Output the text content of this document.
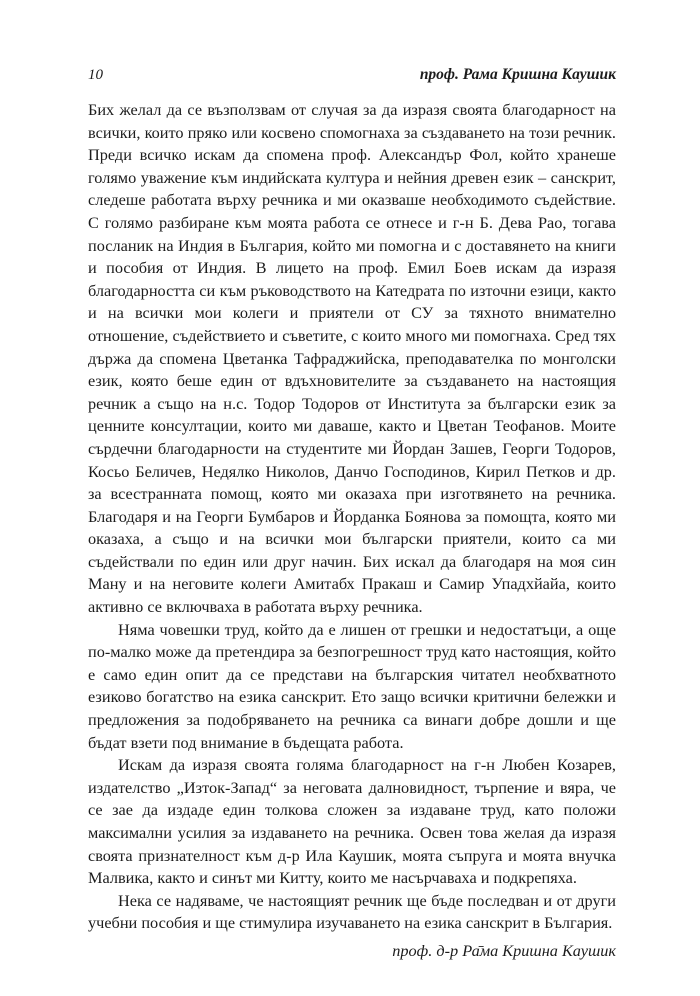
10	проф. Рама Кришна Каушик

Бих желал да се възползвам от случая за да изразя своята благодарност на всички, които пряко или косвено спомогнаха за създаването на този речник. Преди всичко искам да спомена проф. Александър Фол, който хранеше голямо уважение към индийската култура и нейния древен език – санскрит, следеше работата върху речника и ми оказваше необходимото съдействие. С голямо разбиране към моята работа се отнесе и г-н Б. Дева Рао, тогава посланик на Индия в България, който ми помогна и с доставянето на книги и пособия от Индия. В лицето на проф. Емил Боев искам да изразя благодарността си към ръководството на Катедрата по източни езици, както и на всички мои колеги и приятели от СУ за тяхното внимателно отношение, съдействието и съветите, с които много ми помогнаха. Сред тях държа да спомена Цветанка Тафраджийска, преподавателка по монголски език, която беше един от вдъхновителите за създаването на настоящия речник а също на н.с. Тодор Тодоров от Института за български език за ценните консултации, които ми даваше, както и Цветан Теофанов. Моите сърдечни благодарности на студентите ми Йордан Зашев, Георги Тодоров, Косьо Беличев, Недялко Николов, Данчо Господинов, Кирил Петков и др. за всестранната помощ, която ми оказаха при изготвянето на речника. Благодаря и на Георги Бумбаров и Йорданка Боянова за помощта, която ми оказаха, а също и на всички мои български приятели, които са ми съдействали по един или друг начин. Бих искал да благодаря на моя син Ману и на неговите колеги Амитабх Пракаш и Самир Упадхйайа, които активно се включваха в работата върху речника.

Няма човешки труд, който да е лишен от грешки и недостатъци, а още по-малко може да претендира за безпогрешност труд като настоящия, който е само един опит да се представи на българския читател необхватното езиково богатство на езика санскрит. Ето защо всички критични бележки и предложения за подобряването на речника са винаги добре дошли и ще бъдат взети под внимание в бъдещата работа.

Искам да изразя своята голяма благодарност на г-н Любен Козарев, издателство „Изток-Запад“ за неговата далновидност, търпение и вяра, че се зае да издаде един толкова сложен за издаване труд, като положи максимални усилия за издаването на речника. Освен това желая да изразя своята признателност към д-р Ила Каушик, моята съпруга и моята внучка Малвика, както и синът ми Китту, които ме насърчаваха и подкрепяха.

Нека се надяваме, че настоящият речник ще бъде последван и от други учебни пособия и ще стимулира изучаването на езика санскрит в България.

проф. д-р Ра̄ма Кришна Каушик
